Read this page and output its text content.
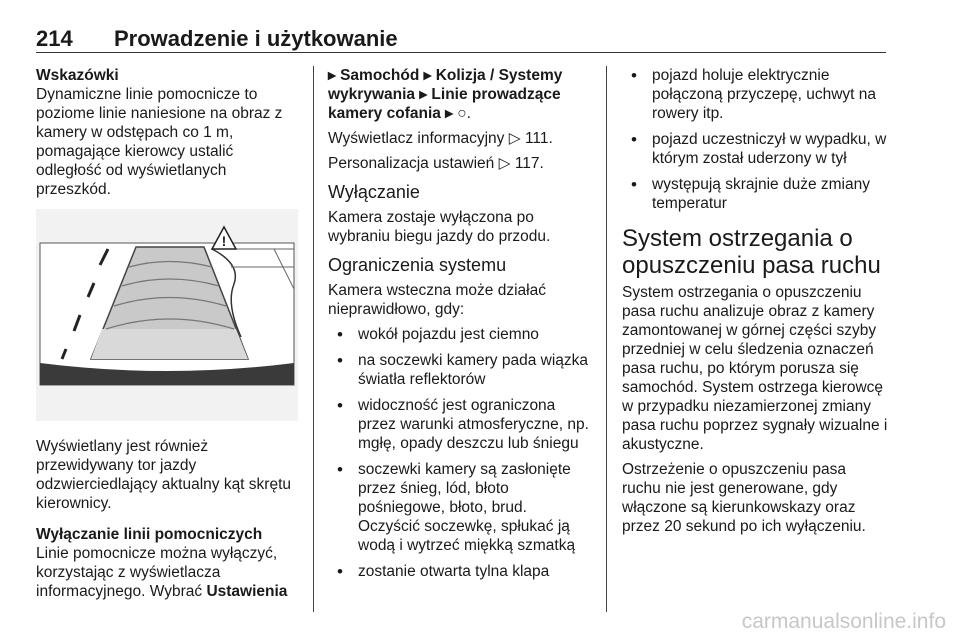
214 Prowadzenie i użytkowanie

Wskazówki

Dynamiczne linie pomocnicze to poziome linie naniesione na obraz z kamery w odstępach co 1 m, pomagające kierowcy ustalić odległość od wyświetlanych przeszkód.

!

Wyświetlany jest również przewidywany tor jazdy odzwierciedlający aktualny kąt skrętu kierownicy.

Wyłączanie linii pomocniczych

Linie pomocnicze można wyłączyć, korzystając z wyświetlacza informacyjnego. Wybrać Ustawienia

▸ Samochód ▸ Kolizja / Systemy wykrywania ▸ Linie prowadzące kamery cofania ▸ ○.

Wyświetlacz informacyjny ▷ 111.

Personalizacja ustawień ▷ 117.

Wyłączanie

Kamera zostaje wyłączona po wybraniu biegu jazdy do przodu.

Ograniczenia systemu

Kamera wsteczna może działać nieprawidłowo, gdy:

• wokół pojazdu jest ciemno
• na soczewki kamery pada wiązka światła reflektorów
• widoczność jest ograniczona przez warunki atmosferyczne, np. mgłę, opady deszczu lub śniegu
• soczewki kamery są zasłonięte przez śnieg, lód, błoto pośniegowe, błoto, brud. Oczyścić soczewkę, spłukać ją wodą i wytrzeć miękką szmatką
• zostanie otwarta tylna klapa
• pojazd holuje elektrycznie połączoną przyczepę, uchwyt na rowery itp.
• pojazd uczestniczył w wypadku, w którym został uderzony w tył
• występują skrajnie duże zmiany temperatur
System ostrzegania o opuszczeniu pasa ruchu

System ostrzegania o opuszczeniu pasa ruchu analizuje obraz z kamery zamontowanej w górnej części szyby przedniej w celu śledzenia oznaczeń pasa ruchu, po którym porusza się samochód. System ostrzega kierowcę w przypadku niezamierzonej zmiany pasa ruchu poprzez sygnały wizualne i akustyczne.

Ostrzeżenie o opuszczeniu pasa ruchu nie jest generowane, gdy włączone są kierunkowskazy oraz przez 20 sekund po ich wyłączeniu.

carmanualsonline.info
